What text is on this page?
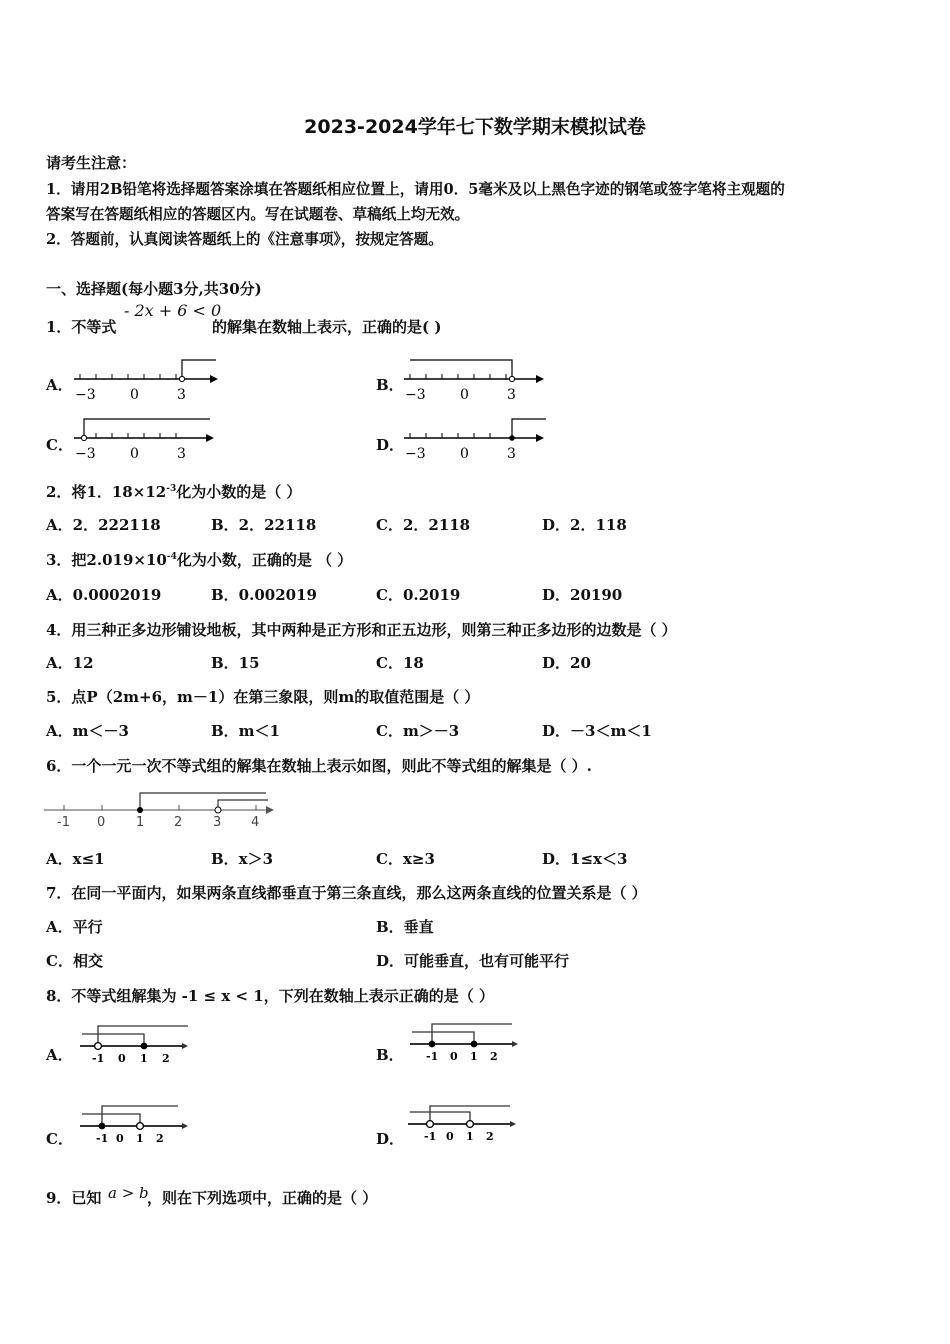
2023-2024学年七下数学期末模拟试卷
请考生注意：
1．请用2B铅笔将选择题答案涂填在答题纸相应位置上，请用0．5毫米及以上黑色字迹的钢笔或签字笔将主观题的
答案写在答题纸相应的答题区内。写在试题卷、草稿纸上均无效。
2．答题前，认真阅读答题纸上的《注意事项》，按规定答题。
一、选择题(每小题3分,共30分)
1．不等式
- 2x + 6 < 0
的解集在数轴上表示，正确的是( )
A．	B．
C．	D．
−3 0	3	−3 0	3
−3 0	3	−3 0	3
2．将1．$18\times 12^{-3}$化为小数的是（ ）
A．2．222118	B．2．22118	C．2．2118	D．2．118
3．把$2.019\times 10^{-4}$化为小数，正确的是 （ ）
A．0.0002019	B．0.002019	C．0.2019	D．20190
4．用三种正多边形铺设地板，其中两种是正方形和正五边形，则第三种正多边形的边数是（ ）
A．12	B．15	C．18	D．20
5．点P（2m+6，m－1）在第三象限，则m的取值范围是（ ）
A．m＜－3	B．m＜1	C．m＞－3	D．－3＜m＜1
6．一个一元一次不等式组的解集在数轴上表示如图，则此不等式组的解集是（ ）.
-1 0 1 2 3 4
A．x≤1	B．x＞3	C．x≥3	D．1≤x＜3
7．在同一平面内，如果两条直线都垂直于第三条直线，那么这两条直线的位置关系是（ ）
A．平行	B．垂直
C．相交	D．可能垂直，也有可能平行
8．不等式组解集为 -1 ≤ x < 1，下列在数轴上表示正确的是（ ）
A．	B．
C．	D．
-1 0 1 2	-1 0 1 2
-1 0 1 2	-1 0 1 2
9．已知 a > b
，则在下列选项中，正确的是（ ）
